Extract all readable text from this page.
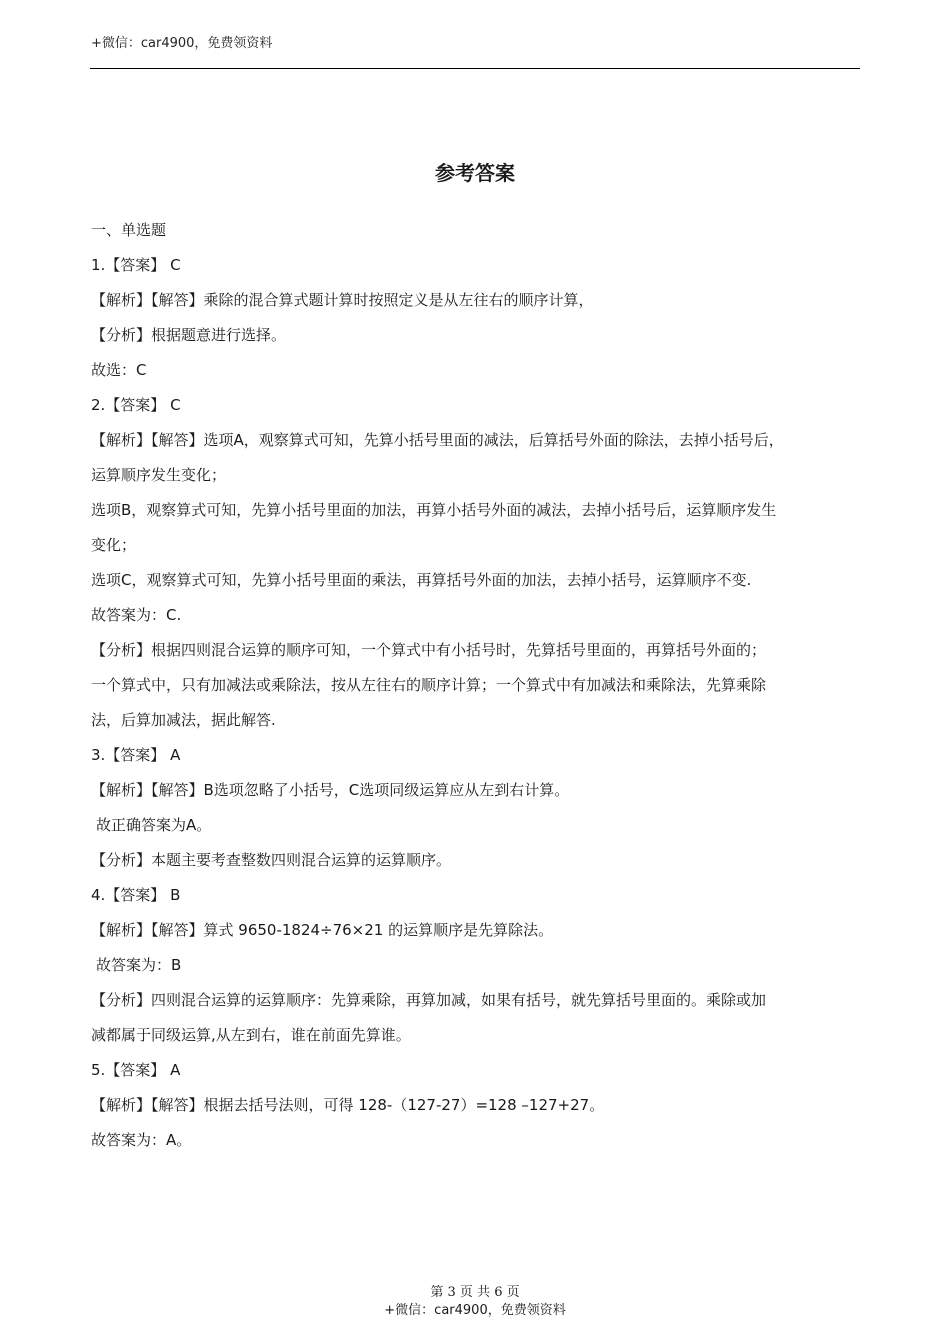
+微信：car4900，免费领资料
参考答案
一、单选题
1.【答案】 C
【解析】【解答】乘除的混合算式题计算时按照定义是从左往右的顺序计算，
【分析】根据题意进行选择。
故选：C
2.【答案】 C
【解析】【解答】选项A，观察算式可知，先算小括号里面的减法，后算括号外面的除法，去掉小括号后，
运算顺序发生变化；
选项B，观察算式可知，先算小括号里面的加法，再算小括号外面的减法，去掉小括号后，运算顺序发生
变化；
选项C，观察算式可知，先算小括号里面的乘法，再算括号外面的加法，去掉小括号，运算顺序不变.
故答案为：C.
【分析】根据四则混合运算的顺序可知，一个算式中有小括号时，先算括号里面的，再算括号外面的；
一个算式中，只有加减法或乘除法，按从左往右的顺序计算；一个算式中有加减法和乘除法，先算乘除
法，后算加减法，据此解答.
3.【答案】 A
【解析】【解答】B选项忽略了小括号，C选项同级运算应从左到右计算。
故正确答案为A。
【分析】本题主要考查整数四则混合运算的运算顺序。
4.【答案】 B
【解析】【解答】算式 9650-1824÷76×21 的运算顺序是先算除法。
故答案为：B
【分析】四则混合运算的运算顺序：先算乘除，再算加减，如果有括号，就先算括号里面的。乘除或加
减都属于同级运算,从左到右，谁在前面先算谁。
5.【答案】 A
【解析】【解答】根据去括号法则，可得 128-（127-27）=128 –127+27。
故答案为：A。
第 3 页 共 6 页
+微信：car4900，免费领资料
